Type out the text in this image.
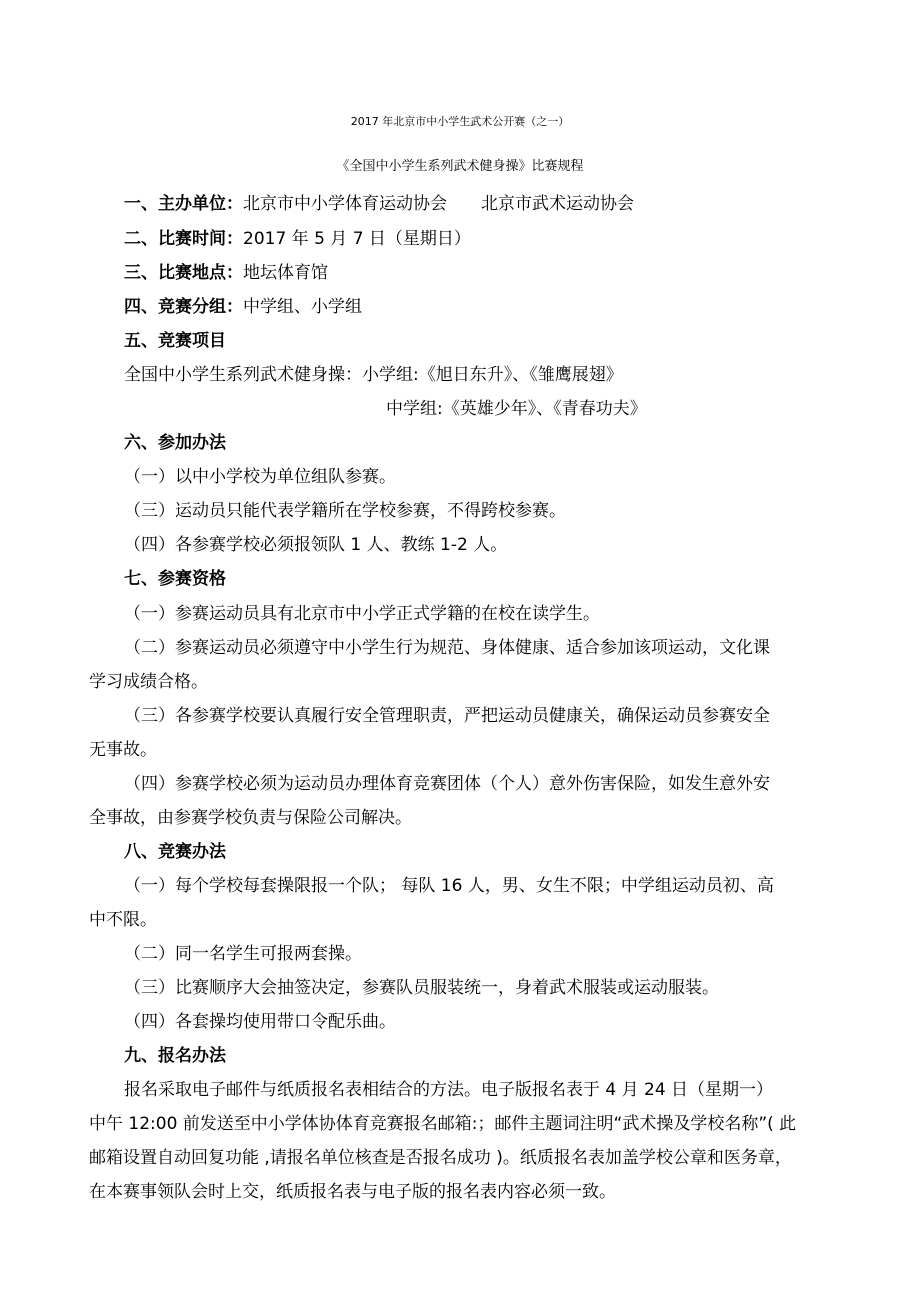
2017 年北京市中小学生武术公开赛（之一）
《全国中小学生系列武术健身操》比赛规程
一、主办单位：北京市中小学体育运动协会　　北京市武术运动协会
二、比赛时间：2017 年 5 月 7 日（星期日）
三、比赛地点：地坛体育馆
四、竞赛分组：中学组、小学组
五、竞赛项目
全国中小学生系列武术健身操：小学组:《旭日东升》、《雏鹰展翅》
中学组:《英雄少年》、《青春功夫》
六、参加办法
（一）以中小学校为单位组队参赛。
（三）运动员只能代表学籍所在学校参赛，不得跨校参赛。
（四）各参赛学校必须报领队 1 人、教练 1-2 人。
七、参赛资格
（一）参赛运动员具有北京市中小学正式学籍的在校在读学生。
（二）参赛运动员必须遵守中小学生行为规范、身体健康、适合参加该项运动，文化课
学习成绩合格。
（三）各参赛学校要认真履行安全管理职责，严把运动员健康关，确保运动员参赛安全
无事故。
（四）参赛学校必须为运动员办理体育竞赛团体（个人）意外伤害保险，如发生意外安
全事故，由参赛学校负责与保险公司解决。
八、竞赛办法
（一）每个学校每套操限报一个队； 每队 16 人，男、女生不限；中学组运动员初、高
中不限。
（二）同一名学生可报两套操。
（三）比赛顺序大会抽签决定，参赛队员服装统一，身着武术服装或运动服装。
（四）各套操均使用带口令配乐曲。
九、报名办法
报名采取电子邮件与纸质报名表相结合的方法。电子版报名表于 4 月 24 日（星期一）
中午 12:00 前发送至中小学体协体育竞赛报名邮箱:；邮件主题词注明“武术操及学校名称”( 此
邮箱设置自动回复功能 ,请报名单位核查是否报名成功 )。纸质报名表加盖学校公章和医务章，
在本赛事领队会时上交，纸质报名表与电子版的报名表内容必须一致。
